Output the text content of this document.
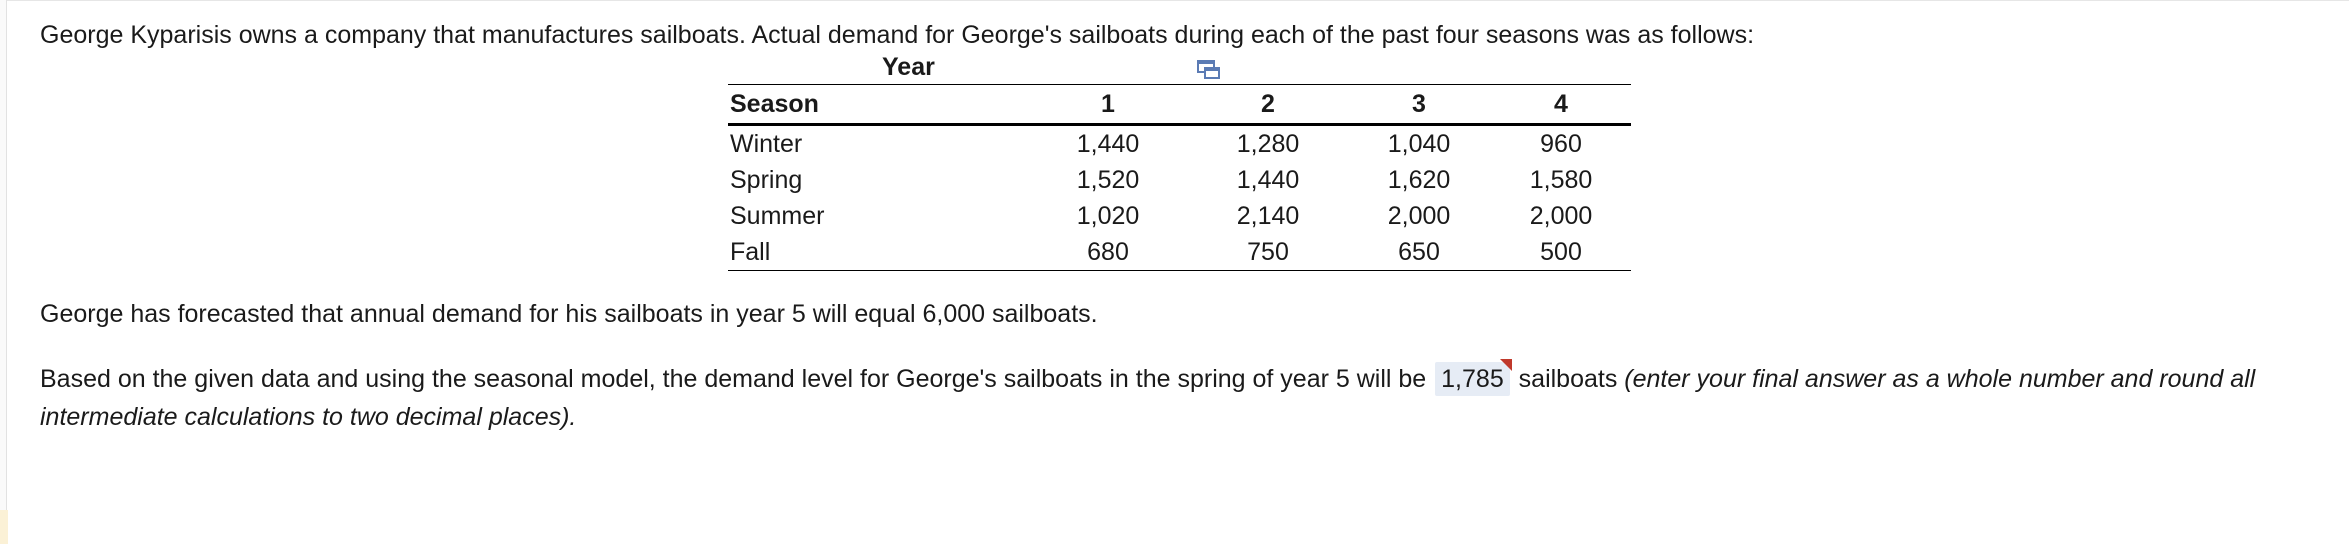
George Kyparisis owns a company that manufactures sailboats. Actual demand for George's sailboats during each of the past four seasons was as follows:
Year
Season	1	2	3	4
Winter	1,440	1,280	1,040	960
Spring	1,520	1,440	1,620	1,580
Summer	1,020	2,140	2,000	2,000
Fall	680	750	650	500
George has forecasted that annual demand for his sailboats in year 5 will equal 6,000 sailboats.
Based on the given data and using the seasonal model, the demand level for George's sailboats in the spring of year 5 will be 1,785 sailboats (enter your final answer as a whole number and round all intermediate calculations to two decimal places).
